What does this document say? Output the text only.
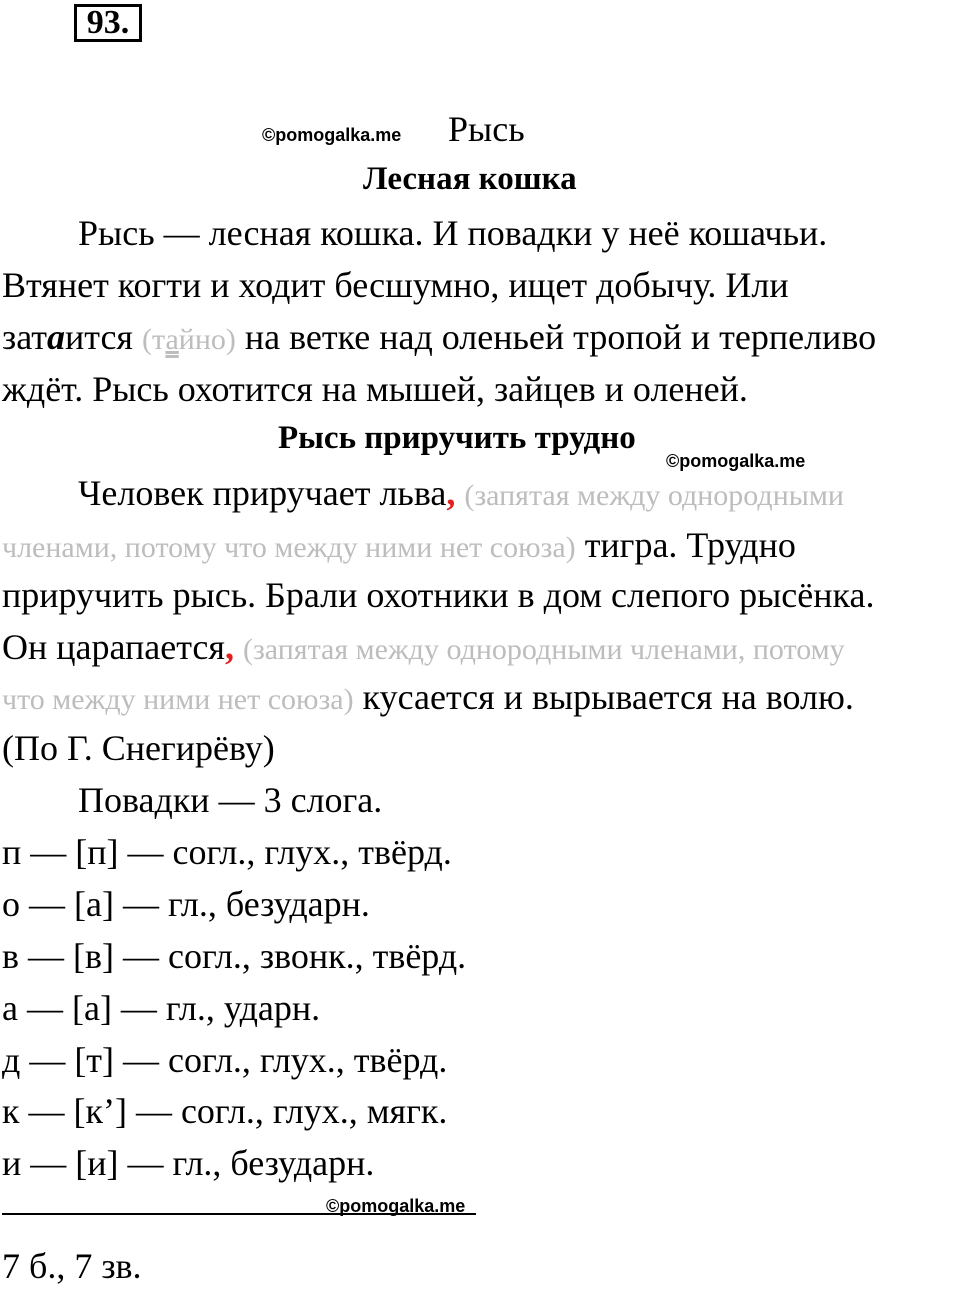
93.
©pomogalka.me Рысь
Лесная кошка
Рысь — лесная кошка. И повадки у неё кошачьи.
Втянет когти и ходит бесшумно, ищет добычу. Или
затаится (тайно) на ветке над оленьей тропой и терпеливо
ждёт. Рысь охотится на мышей, зайцев и оленей.
Рысь приручить трудно
©pomogalka.me
Человек приручает льва, (запятая между однородными
членами, потому что между ними нет союза) тигра. Трудно
приручить рысь. Брали охотники в дом слепого рысёнка.
Он царапается, (запятая между однородными членами, потому
что между ними нет союза) кусается и вырывается на волю.
(По Г. Снегирёву)
Повадки — 3 слога.
п — [п] — согл., глух., твёрд.
о — [а] — гл., безударн.
в — [в] — согл., звонк., твёрд.
а — [а] — гл., ударн.
д — [т] — согл., глух., твёрд.
к — [к’] — согл., глух., мягк.
и — [и] — гл., безударн.
©pomogalka.me
7 б., 7 зв.
